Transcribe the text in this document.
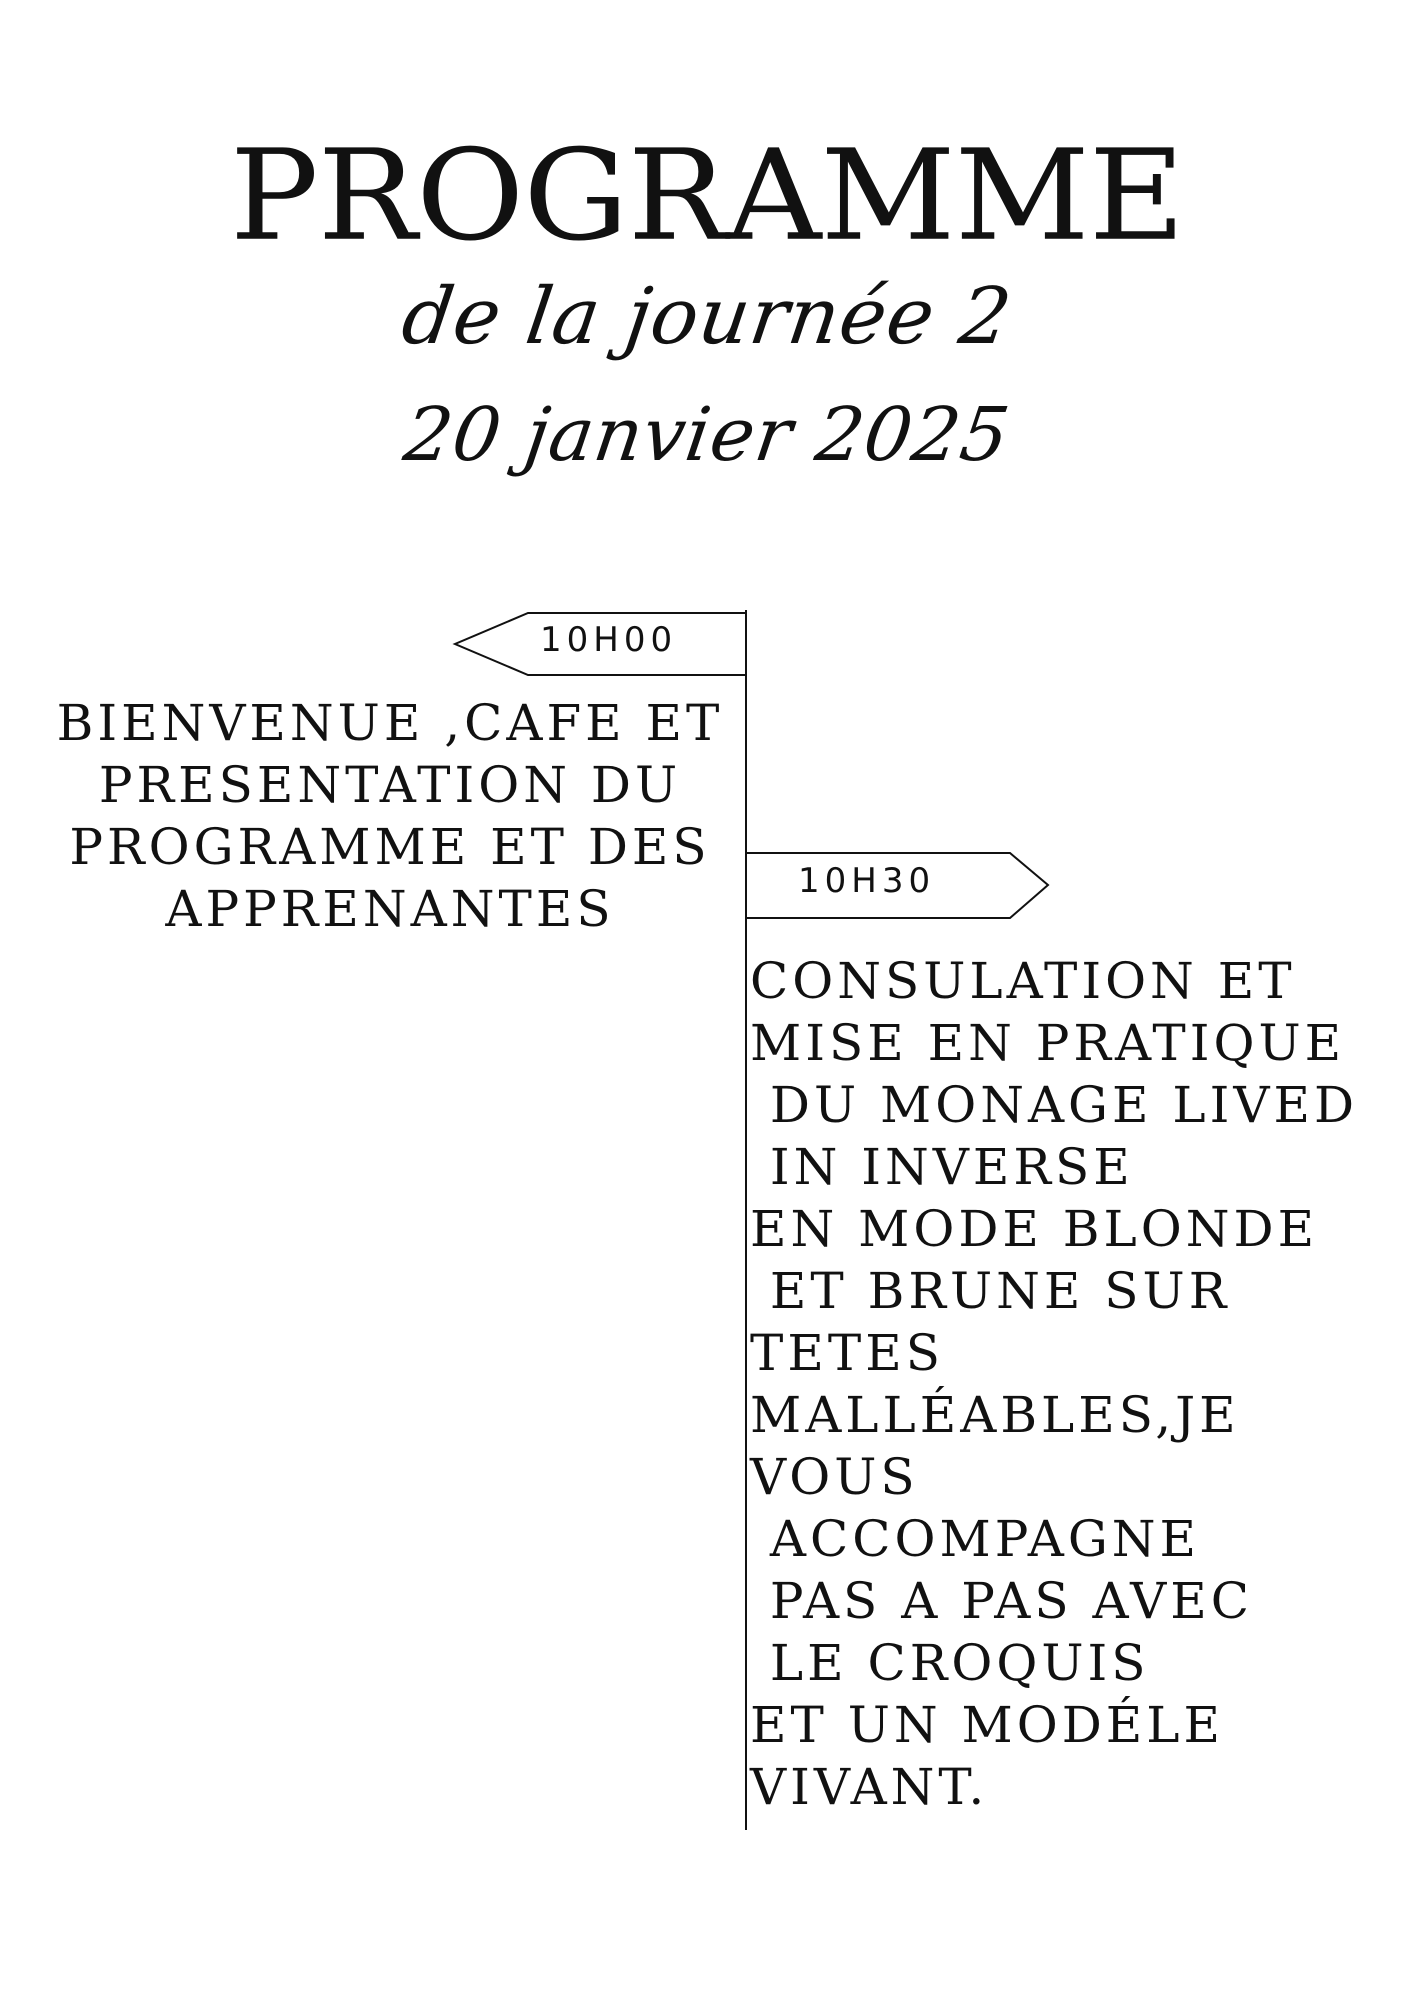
PROGRAMME
de la journée 2
20 janvier 2025
10H00
10H30
BIENVENUE ,CAFE ET
PRESENTATION DU
PROGRAMME ET DES
APPRENANTES
CONSULATION ET
MISE EN PRATIQUE
DU MONAGE LIVED
IN INVERSE
EN MODE BLONDE
ET BRUNE SUR
TETES
MALLÉABLES,JE
VOUS
ACCOMPAGNE
PAS A PAS AVEC
LE CROQUIS
ET UN MODÉLE
VIVANT.
